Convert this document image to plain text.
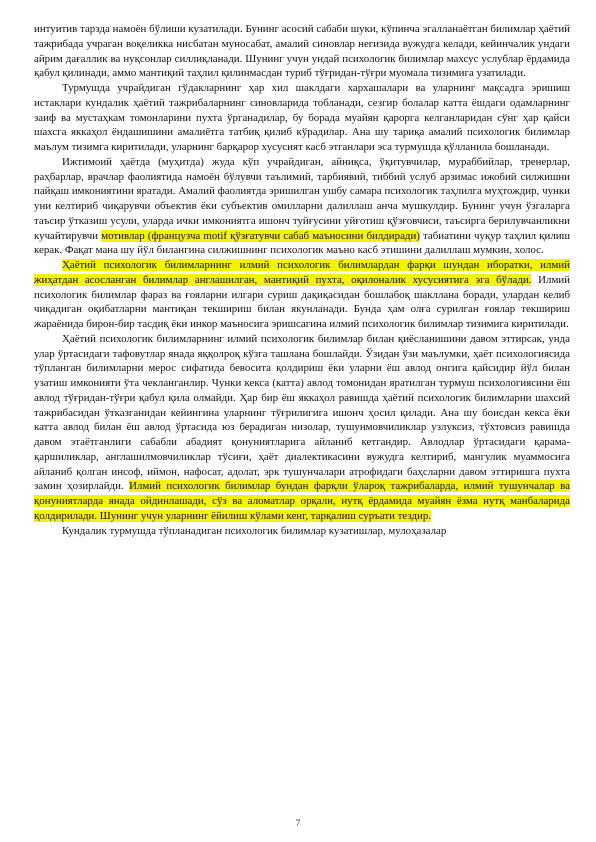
интуитив тарзда намоён бўлиши кузатилади. Бунинг асосий сабаби шуки, кўпинча эгалланаётган билимлар ҳаётий тажрибада учраган воқеликка нисбатан муносабат, амалий синовлар негизида вужудга келади, кейинчалик ундаги айрим дағаллик ва нуқсонлар силлиқланади. Шунинг учун ундай психологик билимлар махсус услублар ёрдамида қабул қилинади, аммо мантиқий таҳлил қилинмасдан туриб тўғридан-тўғри муомала тизимига узатилади.

Турмушда учрайдиган гўдакларнинг ҳар хил шаклдаги хархашалари ва уларнинг мақсадга эришиш истаклари кундалик ҳаётий тажрибаларнинг синовларида тобланади, сезгир болалар катта ёшдаги одамларнинг заиф ва мустаҳкам томонларини пухта ўрганадилар, бу борада муайян қарорга келганларидан сўнг ҳар қайси шахсга яккаҳол ёндашишини амалиётга татбиқ қилиб кўрадилар. Ана шу тариқа амалий психологик билимлар маълум тизимга киритилади, уларнинг барқарор хусусият касб этганлари эса турмушда қўлланила бошланади.

Ижтимоий ҳаётда (муҳитда) жуда кўп учрайдиган, айниқса, ўқитувчилар, мураббийлар, тренерлар, раҳбарлар, врачлар фаолиятида намоён бўлувчи таълимий, тарбиявий, тиббий услуб арзимас ижобий силжишни пайқаш имкониятини яратади. Амалий фаолиятда эришилган ушбу самара психологик таҳлилга муҳтождир, чунки уни келтириб чиқарувчи объектив ёки субъектив омилларни далиллаш анча мушкулдир. Бунинг учун ўзгаларга таъсир ўтказиш усули, уларда ички имкониятга ишонч туйғусини уйғотиш қўзғовчиси, таъсирга берилувчанликни кучайтирувчи мотивлар (французча motif қўзғатувчи сабаб маъносини билдиради) табиатини чуқур таҳлил қилиш керак. Фақат мана шу йўл билангина силжишнинг психологик маъно касб этишини далиллаш мумкин, холос.

Ҳаётий психологик билимларнинг илмий психологик билимлардан фарқи шундан иборатки, илмий жиҳатдан асосланган билимлар англашилган, мантиқий пухта, оқилоналик хусусиятига эга бўлади. Илмий психологик билимлар фараз ва ғояларни илгари суриш дақиқасидан бошлабоқ шакллана боради, улардан келиб чиқадиган оқибатларни мантиқан текшириш билан якунланади. Бунда ҳам олға сурилган ғоялар текшириш жараёнида бирон-бир тасдиқ ёки инкор маъносига эришсагина илмий психологик билимлар тизимига киритилади.

Ҳаётий психологик билимларнинг илмий психологик билимлар билан қиёсланишини давом эттирсак, унда улар ўртасидаги тафовутлар янада яққолроқ кўзга ташлана бошлайди. Ўзидан ўзи маълумки, ҳаёт психологиясида тўпланган билимларни мерос сифатида бевосита қолдириш ёки уларни ёш авлод онгига қайсидир йўл билан узатиш имконияти ўта чекланганлир. Чунки кекса (катта) авлод томонидан яратилган турмуш психологиясини ёш авлод тўғридан-тўғри қабул қила олмайди. Ҳар бир ёш яккаҳол равишда ҳаётий психологик билимларни шахсий тажрибасидан ўтказганидан кейингина уларнинг тўғрилигига ишонч ҳосил қилади. Ана шу боисдан кекса ёки катта авлод билан ёш авлод ўртасида юз берадиган низолар, тушунмовчиликлар узлуксиз, тўхтовсиз равишда давом этаётганлиги сабабли абадият қонуниятларига айланиб кетгандир. Авлодлар ўртасидаги қарама-қаршиликлар, англашилмовчиликлар тўсиғи, ҳаёт диалектикасини вужудга келтириб, мангулик муаммосига айланиб қолган инсоф, иймон, нафосат, адолат, эрк тушунчалари атрофидаги баҳсларни давом эттиришга пухта замин ҳозирлайди. Илмий психологик билимлар бундан фарқли ўлароқ тажрибаларда, илмий тушунчалар ва қонуниятларда янада ойдинлашади, сўз ва аломатлар орқали, нутқ ёрдамида муайян ёзма нутқ манбаларида қолдирилади. Шунинг учун уларнинг ёйилиш кўлами кенг, тарқалиш суръати тездир.

Кундалик турмушда тўпланадиган психологик билимлар кузатишлар, мулоҳазалар

7
